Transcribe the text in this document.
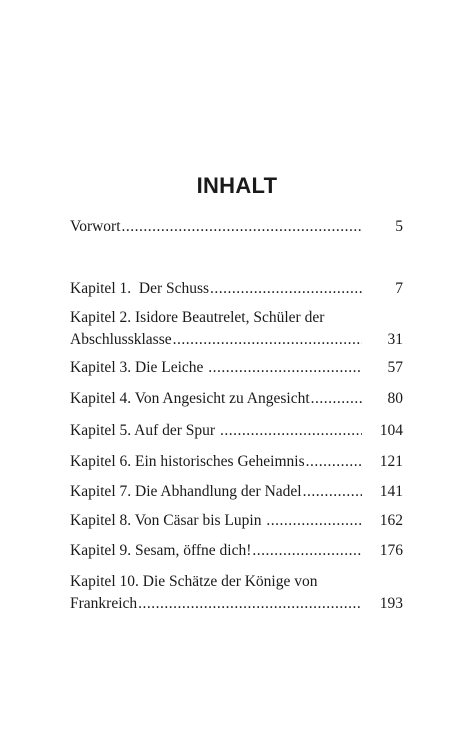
INHALT
Vorwort .....	5
Kapitel 1.  Der Schuss .....	7
Kapitel 2. Isidore Beautrelet, Schüler der
Abschlussklasse .....	31
Kapitel 3. Die Leiche .....	57
Kapitel 4. Von Angesicht zu Angesicht .....	80
Kapitel 5. Auf der Spur .....	104
Kapitel 6. Ein historisches Geheimnis .....	121
Kapitel 7. Die Abhandlung der Nadel .....	141
Kapitel 8. Von Cäsar bis Lupin .....	162
Kapitel 9. Sesam, öffne dich! .....	176
Kapitel 10. Die Schätze der Könige von
Frankreich .....	193
